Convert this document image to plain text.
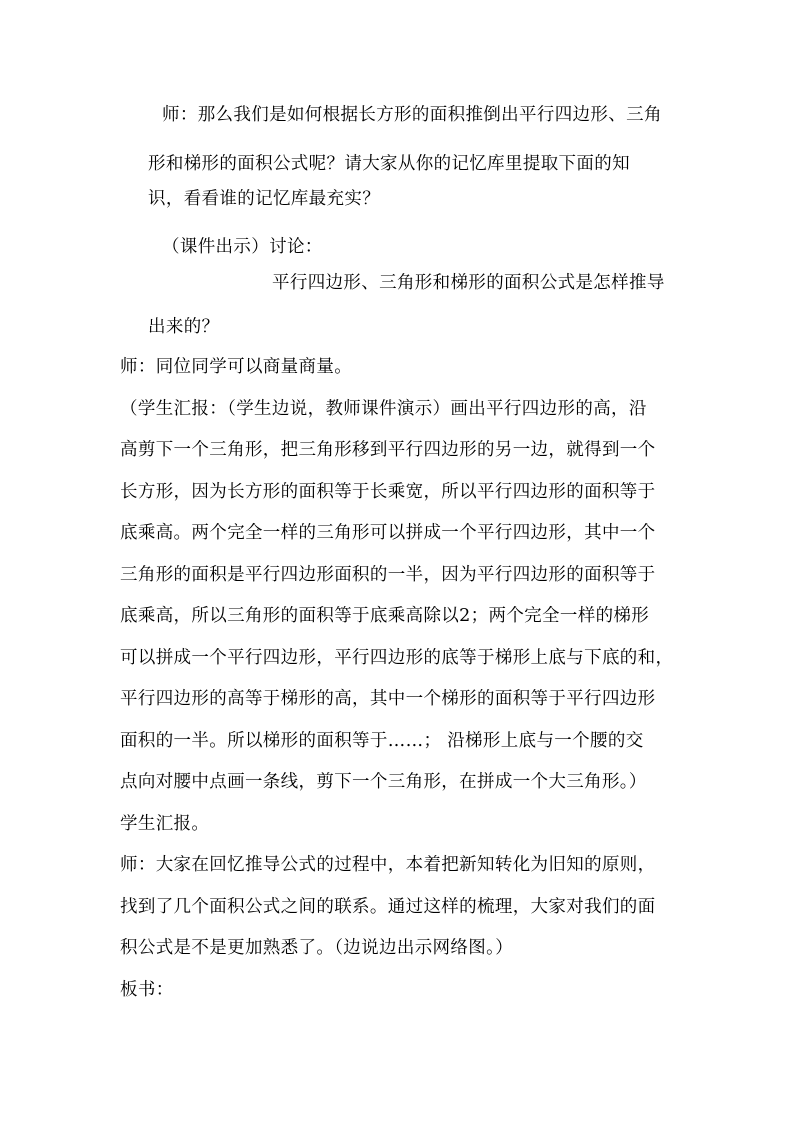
师：那么我们是如何根据长方形的面积推倒出平行四边形、三角

形和梯形的面积公式呢？请大家从你的记忆库里提取下面的知

识，看看谁的记忆库最充实？

（课件出示）讨论：

平行四边形、三角形和梯形的面积公式是怎样推导

出来的？

师：同位同学可以商量商量。

（学生汇报：（学生边说，教师课件演示）画出平行四边形的高，沿

高剪下一个三角形，把三角形移到平行四边形的另一边，就得到一个

长方形，因为长方形的面积等于长乘宽，所以平行四边形的面积等于

底乘高。两个完全一样的三角形可以拼成一个平行四边形，其中一个

三角形的面积是平行四边形面积的一半，因为平行四边形的面积等于

底乘高，所以三角形的面积等于底乘高除以2；两个完全一样的梯形

可以拼成一个平行四边形，平行四边形的底等于梯形上底与下底的和，

平行四边形的高等于梯形的高，其中一个梯形的面积等于平行四边形

面积的一半。所以梯形的面积等于……； 沿梯形上底与一个腰的交

点向对腰中点画一条线，剪下一个三角形，在拼成一个大三角形。）

学生汇报。

师：大家在回忆推导公式的过程中，本着把新知转化为旧知的原则，

找到了几个面积公式之间的联系。通过这样的梳理，大家对我们的面

积公式是不是更加熟悉了。（边说边出示网络图。）

板书：
